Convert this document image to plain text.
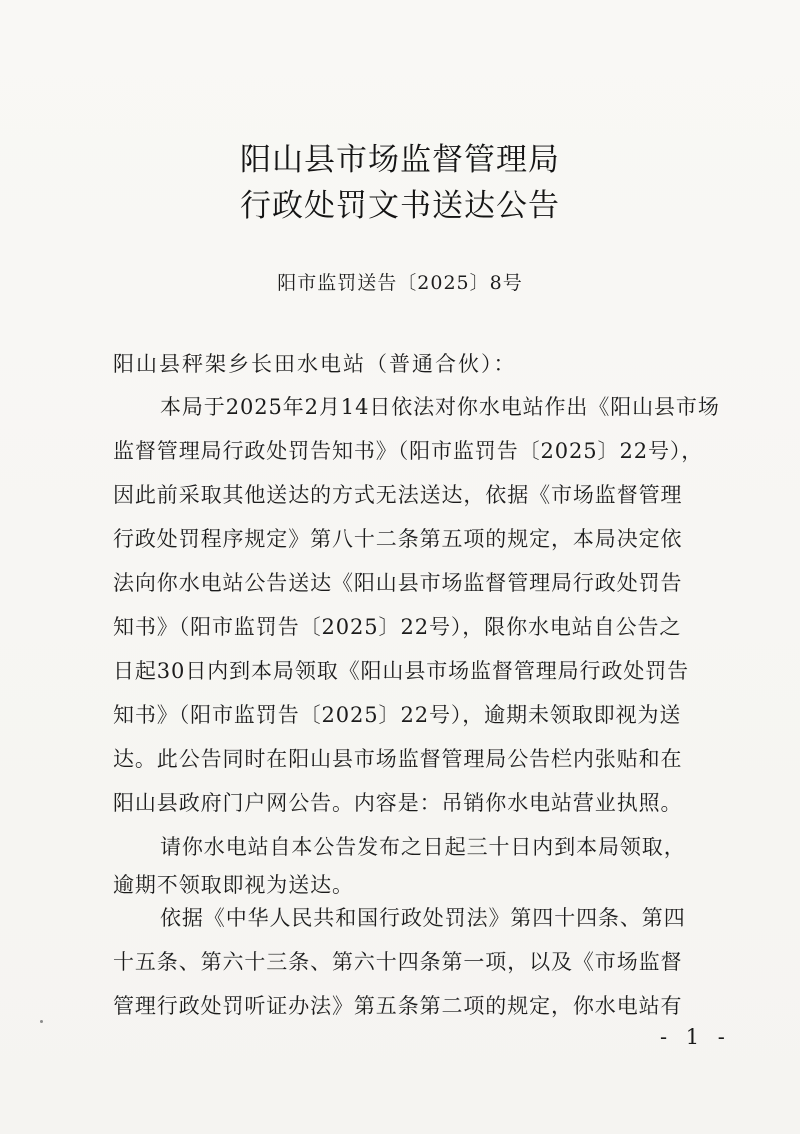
阳山县市场监督管理局
行政处罚文书送达公告
阳市监罚送告〔2025〕8号
阳山县秤架乡长田水电站（普通合伙）：
本局于2025年2月14日依法对你水电站作出《阳山县市场
监督管理局行政处罚告知书》（阳市监罚告〔2025〕22号），
因此前采取其他送达的方式无法送达，依据《市场监督管理
行政处罚程序规定》第八十二条第五项的规定，本局决定依
法向你水电站公告送达《阳山县市场监督管理局行政处罚告
知书》（阳市监罚告〔2025〕22号），限你水电站自公告之
日起30日内到本局领取《阳山县市场监督管理局行政处罚告
知书》（阳市监罚告〔2025〕22号），逾期未领取即视为送
达。此公告同时在阳山县市场监督管理局公告栏内张贴和在
阳山县政府门户网公告。内容是：吊销你水电站营业执照。
请你水电站自本公告发布之日起三十日内到本局领取，
逾期不领取即视为送达。
依据《中华人民共和国行政处罚法》第四十四条、第四
十五条、第六十三条、第六十四条第一项，以及《市场监督
管理行政处罚听证办法》第五条第二项的规定，你水电站有
- 1 -
